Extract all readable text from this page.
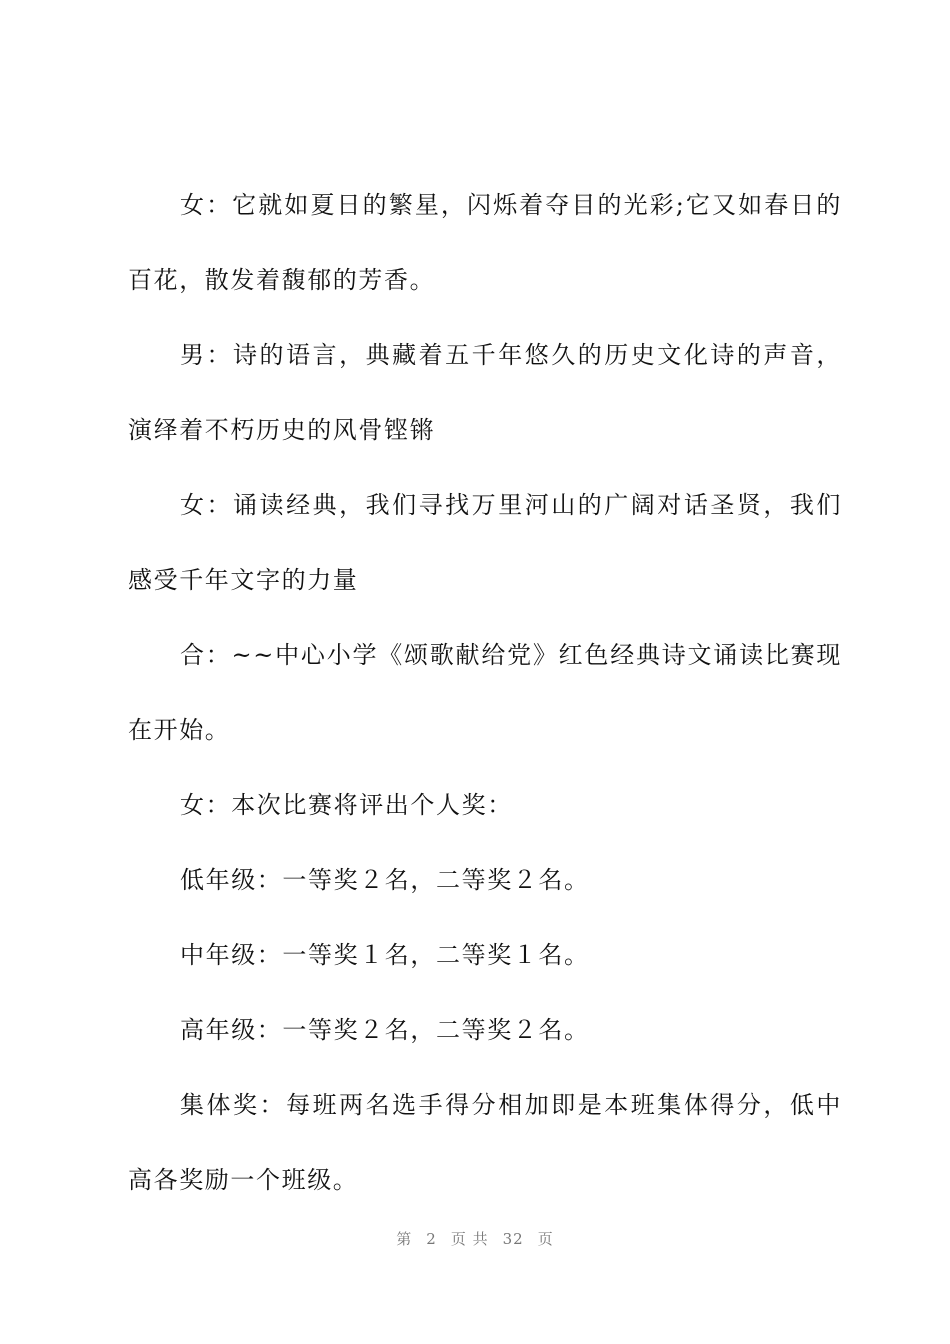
女：它就如夏日的繁星，闪烁着夺目的光彩;它又如春日的百花，散发着馥郁的芳香。

男：诗的语言，典藏着五千年悠久的历史文化诗的声音，演绎着不朽历史的风骨铿锵

女：诵读经典，我们寻找万里河山的广阔对话圣贤，我们感受千年文字的力量

合：~~中心小学《颂歌献给党》红色经典诗文诵读比赛现在开始。

女：本次比赛将评出个人奖：

低年级：一等奖２名，二等奖２名。

中年级：一等奖１名，二等奖１名。

高年级：一等奖２名，二等奖２名。

集体奖：每班两名选手得分相加即是本班集体得分，低中高各奖励一个班级。

第 2 页 共 32 页
